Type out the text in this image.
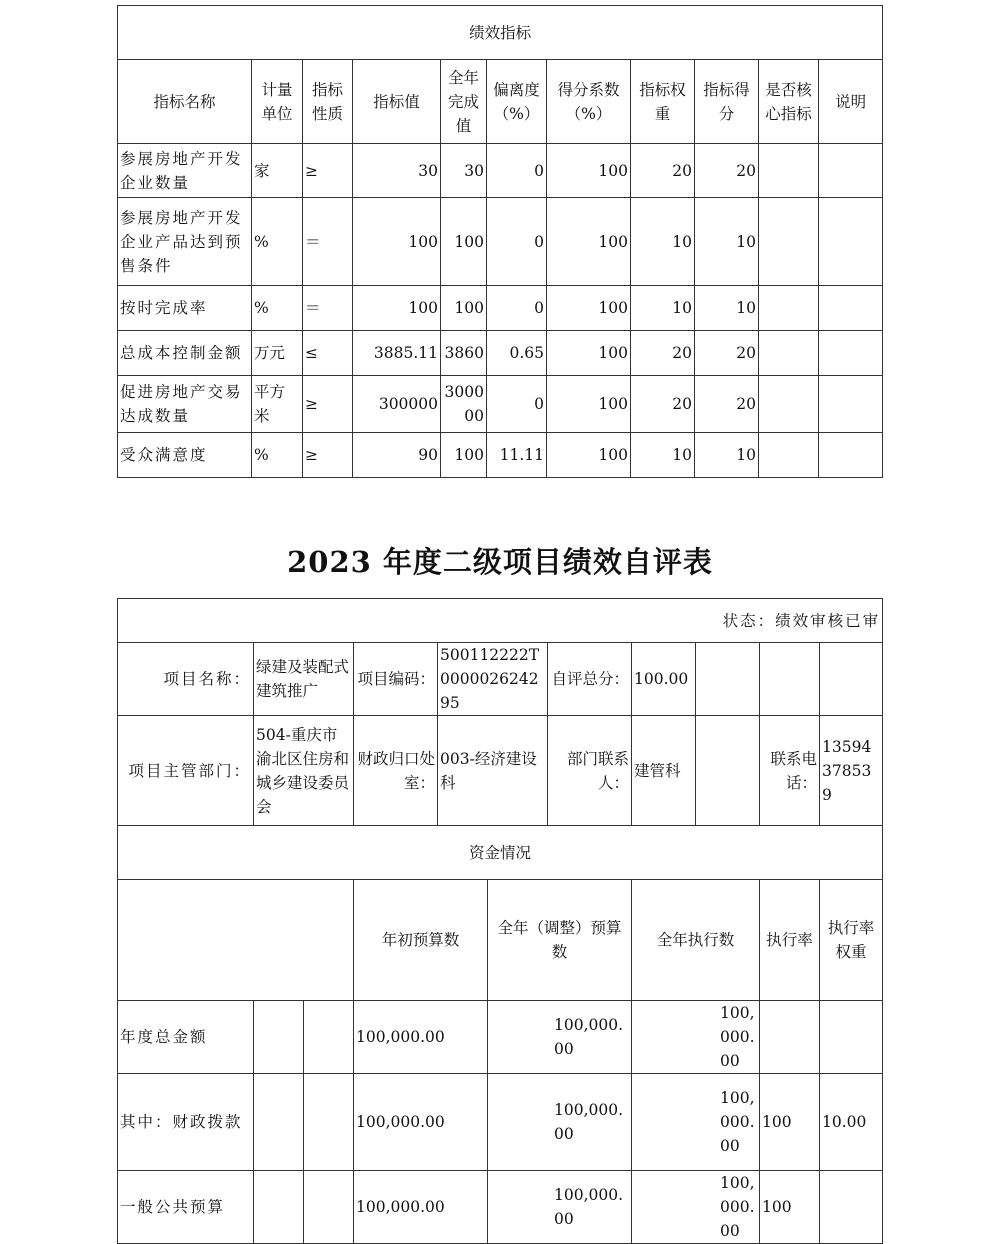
绩效指标										
指标名称	计量单位	指标性质	指标值	全年完成值	偏离度（%）	得分系数（%）	指标权重	指标得分	是否核心指标	说明
参展房地产开发企业数量	家	≥	30	30	0	100	20	20		
参展房地产开发企业产品达到预售条件	%	＝	100	100	0	100	10	10		
按时完成率	%	＝	100	100	0	100	10	10		
总成本控制金额	万元	≤	3885.11	3860	0.65	100	20	20		
促进房地产交易达成数量	平方米	≥	300000	300000	0	100	20	20		
受众满意度	%	≥	90	100	11.11	100	10	10		
2023 年度二级项目绩效自评表
状态：绩效审核已审											
项目名称：	绿建及装配式建筑推广		项目编码：	500112222T000002624295		自评总分：	100.00				
项目主管部门：	504-重庆市渝北区住房和城乡建设委员会		财政归口处室：	003-经济建设科		部门联系人：	建管科		联系电话：	13594378539	
资金情况											
			年初预算数		全年（调整）预算数		全年执行数		执行率	执行率权重	
年度总金额			100,000.00		100,000.00		100,000.00				
其中：财政拨款			100,000.00		100,000.00		100,000.00		100	10.00	
一般公共预算			100,000.00		100,000.00		100,000.00		100		
